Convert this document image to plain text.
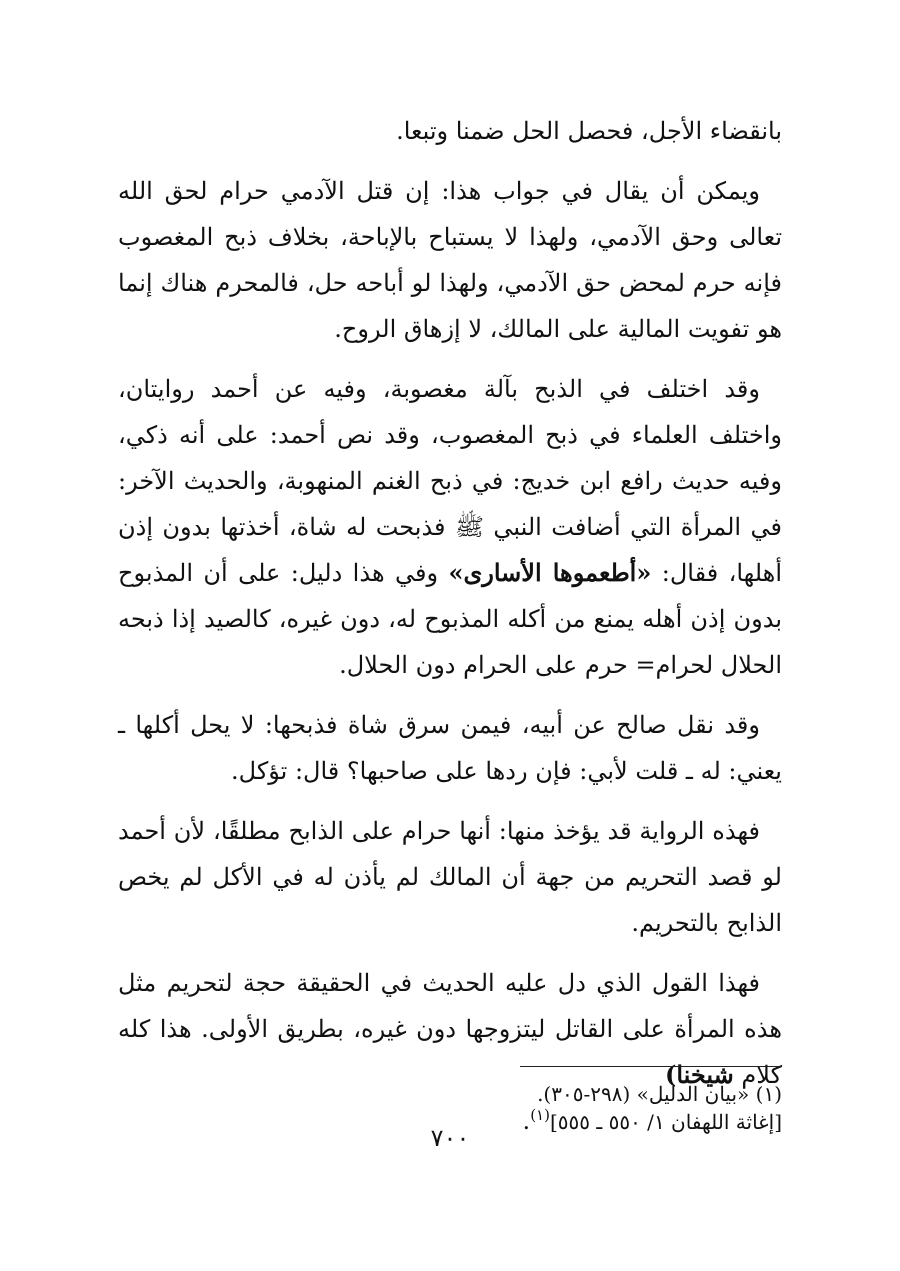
بانقضاء الأجل، فحصل الحل ضمنا وتبعا.

ويمكن أن يقال في جواب هذا: إن قتل الآدمي حرام لحق الله تعالى وحق الآدمي، ولهذا لا يستباح بالإباحة، بخلاف ذبح المغصوب فإنه حرم لمحض حق الآدمي، ولهذا لو أباحه حل، فالمحرم هناك إنما هو تفويت المالية على المالك، لا إزهاق الروح.

وقد اختلف في الذبح بآلة مغصوبة، وفيه عن أحمد روايتان، واختلف العلماء في ذبح المغصوب، وقد نص أحمد: على أنه ذكي، وفيه حديث رافع ابن خديج: في ذبح الغنم المنهوبة، والحديث الآخر: في المرأة التي أضافت النبي ﷺ فذبحت له شاة، أخذتها بدون إذن أهلها، فقال: «أطعموها الأسارى» وفي هذا دليل: على أن المذبوح بدون إذن أهله يمنع من أكله المذبوح له، دون غيره، كالصيد إذا ذبحه الحلال لحرام= حرم على الحرام دون الحلال.

وقد نقل صالح عن أبيه، فيمن سرق شاة فذبحها: لا يحل أكلها ـ يعني: له ـ قلت لأبي: فإن ردها على صاحبها؟ قال: تؤكل.

فهذه الرواية قد يؤخذ منها: أنها حرام على الذابح مطلقًا، لأن أحمد لو قصد التحريم من جهة أن المالك لم يأذن له في الأكل لم يخص الذابح بالتحريم.

فهذا القول الذي دل عليه الحديث في الحقيقة حجة لتحريم مثل هذه المرأة على القاتل ليتزوجها دون غيره، بطريق الأولى. هذا كله كلام شيخنا)
[إغاثة اللهفان ١/ ٥٥٠ ـ ٥٥٥]$^{(١)}$.

(١) «بيان الدليل» (٢٩٨-٣٠٥).
٧٠٠
